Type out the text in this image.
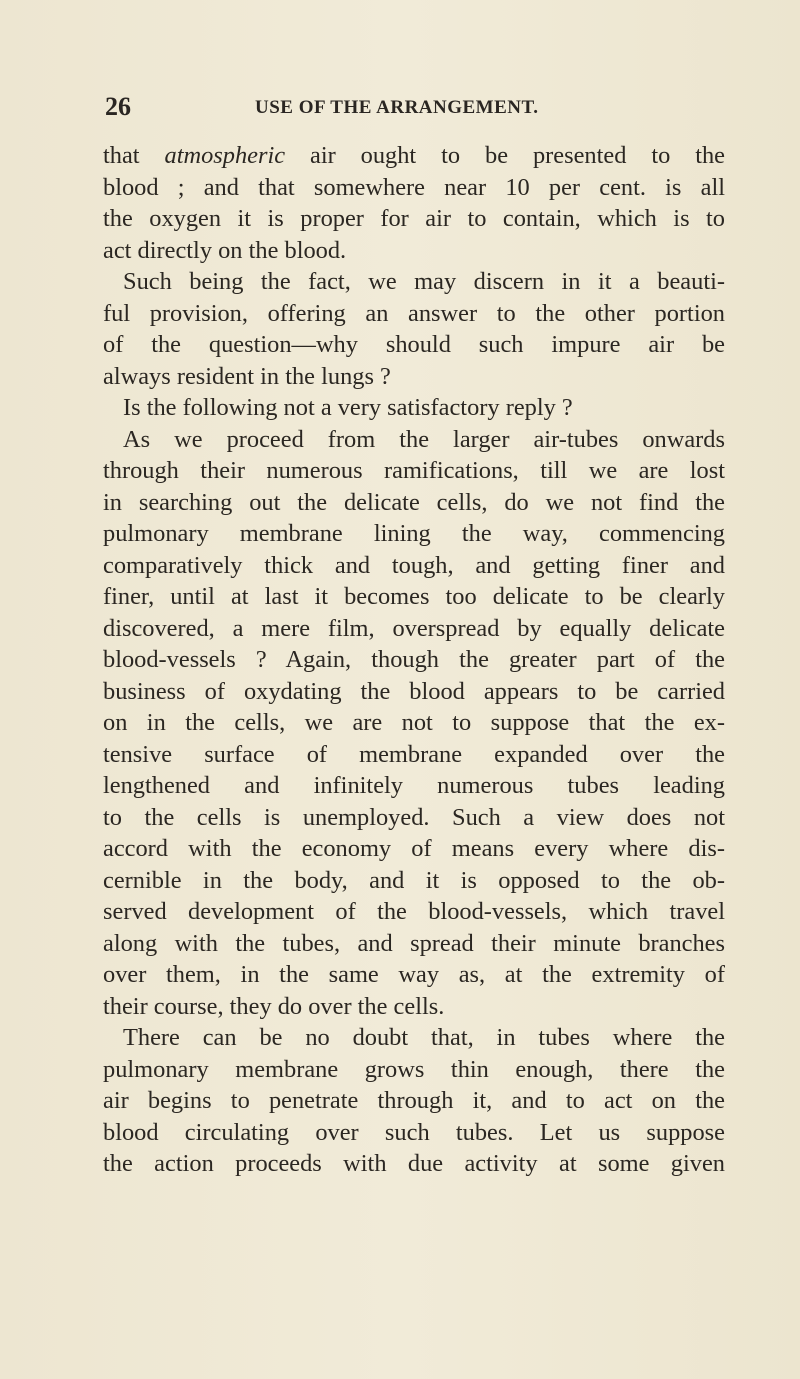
26	USE OF THE ARRANGEMENT.
that atmospheric air ought to be presented to the
blood ; and that somewhere near 10 per cent. is all
the oxygen it is proper for air to contain, which is to
act directly on the blood.
Such being the fact, we may discern in it a beauti-
ful provision, offering an answer to the other portion
of the question—why should such impure air be
always resident in the lungs ?
Is the following not a very satisfactory reply ?
As we proceed from the larger air-tubes onwards
through their numerous ramifications, till we are lost
in searching out the delicate cells, do we not find the
pulmonary membrane lining the way, commencing
comparatively thick and tough, and getting finer and
finer, until at last it becomes too delicate to be clearly
discovered, a mere film, overspread by equally delicate
blood-vessels ? Again, though the greater part of the
business of oxydating the blood appears to be carried
on in the cells, we are not to suppose that the ex-
tensive surface of membrane expanded over the
lengthened and infinitely numerous tubes leading
to the cells is unemployed. Such a view does not
accord with the economy of means every where dis-
cernible in the body, and it is opposed to the ob-
served development of the blood-vessels, which travel
along with the tubes, and spread their minute branches
over them, in the same way as, at the extremity of
their course, they do over the cells.
There can be no doubt that, in tubes where the
pulmonary membrane grows thin enough, there the
air begins to penetrate through it, and to act on the
blood circulating over such tubes. Let us suppose
the action proceeds with due activity at some given
